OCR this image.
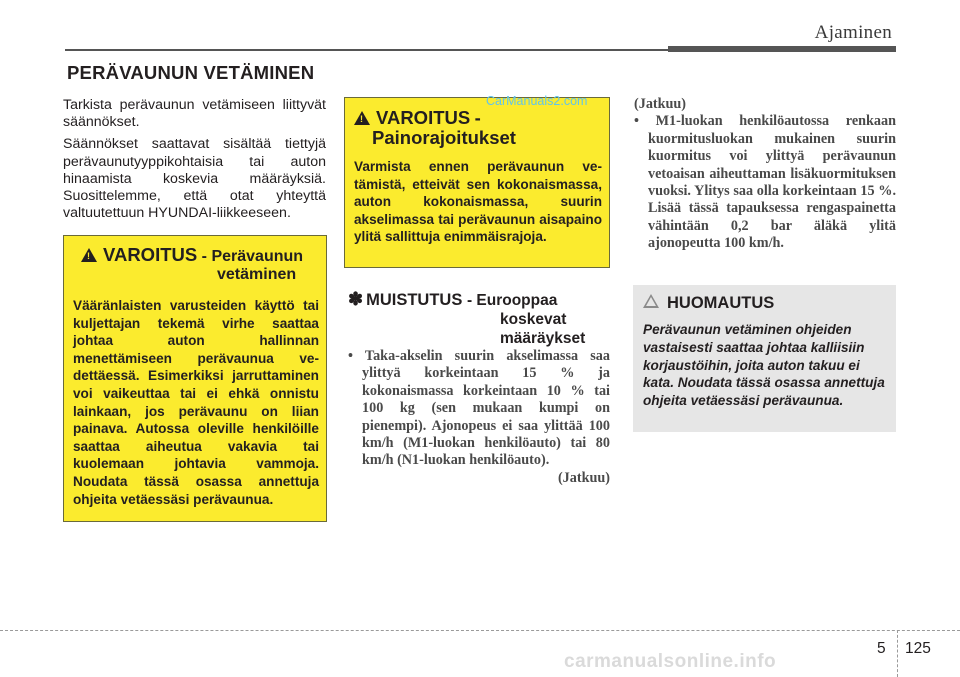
Ajaminen
PERÄVAUNUN VETÄMINEN

Tarkista perävaunun vetämiseen liittyvät säännökset.

Säännökset saattavat sisältää tiettyjä perävaunutyyppikohtaisia tai auton hinaamista koskevia määräyksiä. Suosittelemme, että otat yhteyttä valtuutettuun HYUNDAI-liikkeeseen.

!VAROITUS - Perävaunun
vetäminen
Vääränlaisten varusteiden käyttö tai kuljettajan tekemä virhe saattaa johtaa auton hallinnan menettämiseen perävaunua vedettäessä. Esimerkiksi jarruttaminen voi vaikeuttaa tai ei ehkä onnistu lainkaan, jos perävaunu on liian painava. Autossa oleville henkilöille saattaa aiheutua vakavia tai kuolemaan johtavia vammoja. Noudata tässä osassa annettuja ohjeita vetäessäsi perävaunua.
!VAROITUS -
Painorajoitukset
Varmista ennen perävaunun vetämistä, etteivät sen kokonaismassa, auton kokonaismassa, suurin akselimassa tai perävaunun aisapaino ylitä sallittuja enimmäisrajoja.
CarManuals2.com
✽ MUISTUTUS - Eurooppaa
koskevat
määräykset
• Taka-akselin suurin akselimassa saa ylittyä korkeintaan 15 % ja kokonaismassa korkeintaan 10 % tai 100 kg (sen mukaan kumpi on pienempi). Ajonopeus ei saa ylittää 100 km/h (M1-luokan henkilöauto) tai 80 km/h (N1-luokan henkilöauto).
(Jatkuu)
(Jatkuu)
• M1-luokan henkilöautossa renkaan kuormitusluokan mukainen suurin kuormitus voi ylittyä perävaunun vetoaisan aiheuttaman lisäkuormituksen vuoksi. Ylitys saa olla korkeintaan 15 %. Lisää tässä tapauksessa rengaspainetta vähintään 0,2 bar äläkä ylitä ajonopeutta 100 km/h.
HUOMAUTUS
Perävaunun vetäminen ohjeiden vastaisesti saattaa johtaa kalliisiin korjaustöihin, joita auton takuu ei kata. Noudata tässä osassa annettuja ohjeita vetäessäsi perävaunua.
5 125
carmanualsonline.info
